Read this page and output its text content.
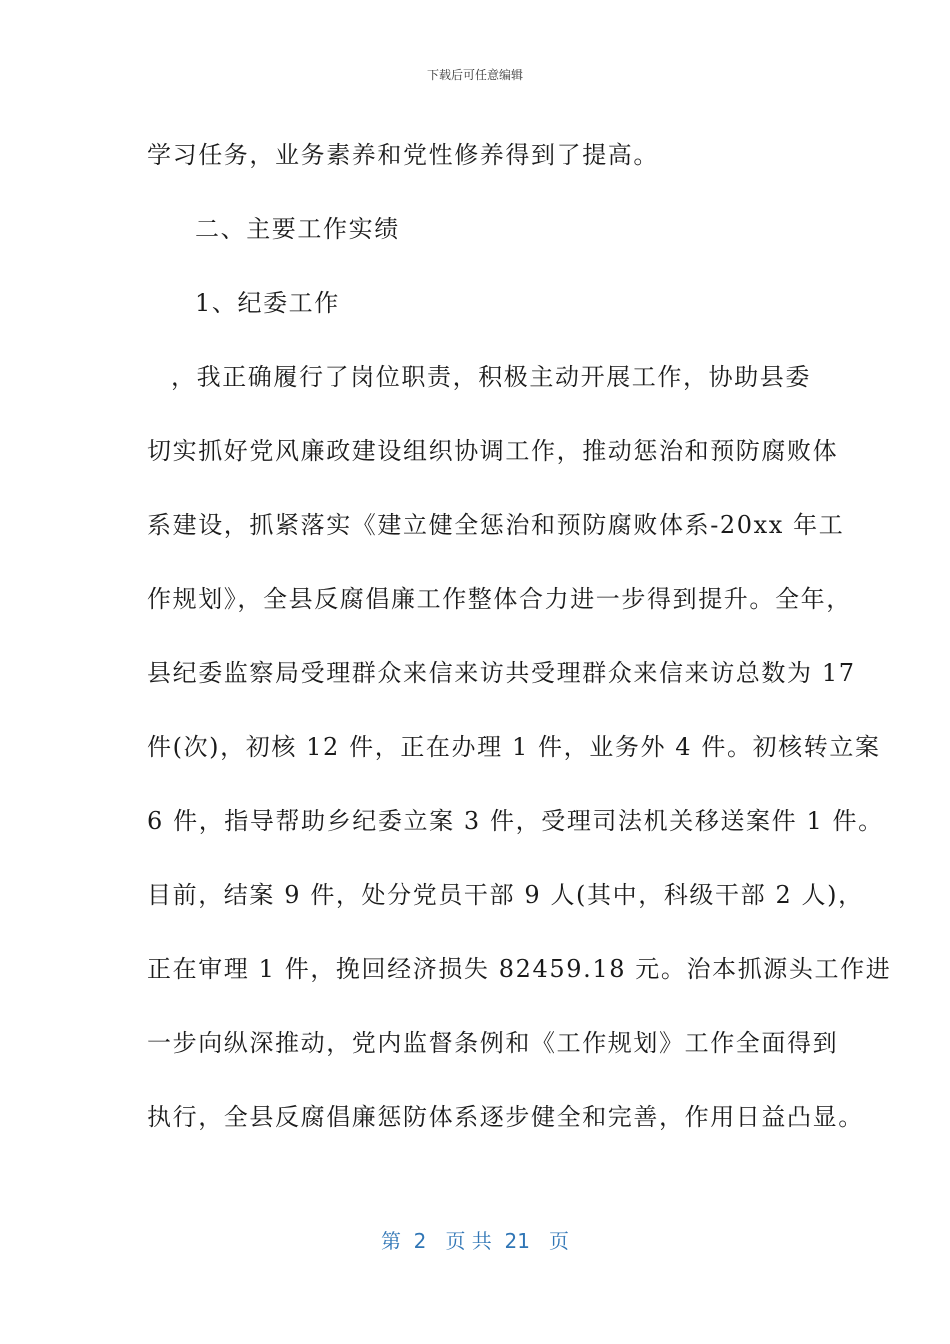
下载后可任意编辑
学习任务，业务素养和党性修养得到了提高。
二、主要工作实绩
1、纪委工作
，我正确履行了岗位职责，积极主动开展工作，协助县委
切实抓好党风廉政建设组织协调工作，推动惩治和预防腐败体
系建设，抓紧落实《建立健全惩治和预防腐败体系-20xx 年工
作规划》，全县反腐倡廉工作整体合力进一步得到提升。全年，
县纪委监察局受理群众来信来访共受理群众来信来访总数为 17
件(次)，初核 12 件，正在办理 1 件，业务外 4 件。初核转立案
6 件，指导帮助乡纪委立案 3 件，受理司法机关移送案件 1 件。
目前，结案 9 件，处分党员干部 9 人(其中，科级干部 2 人)，
正在审理 1 件，挽回经济损失 82459.18 元。治本抓源头工作进
一步向纵深推动，党内监督条例和《工作规划》工作全面得到
执行，全县反腐倡廉惩防体系逐步健全和完善，作用日益凸显。
第  2   页 共  21   页
